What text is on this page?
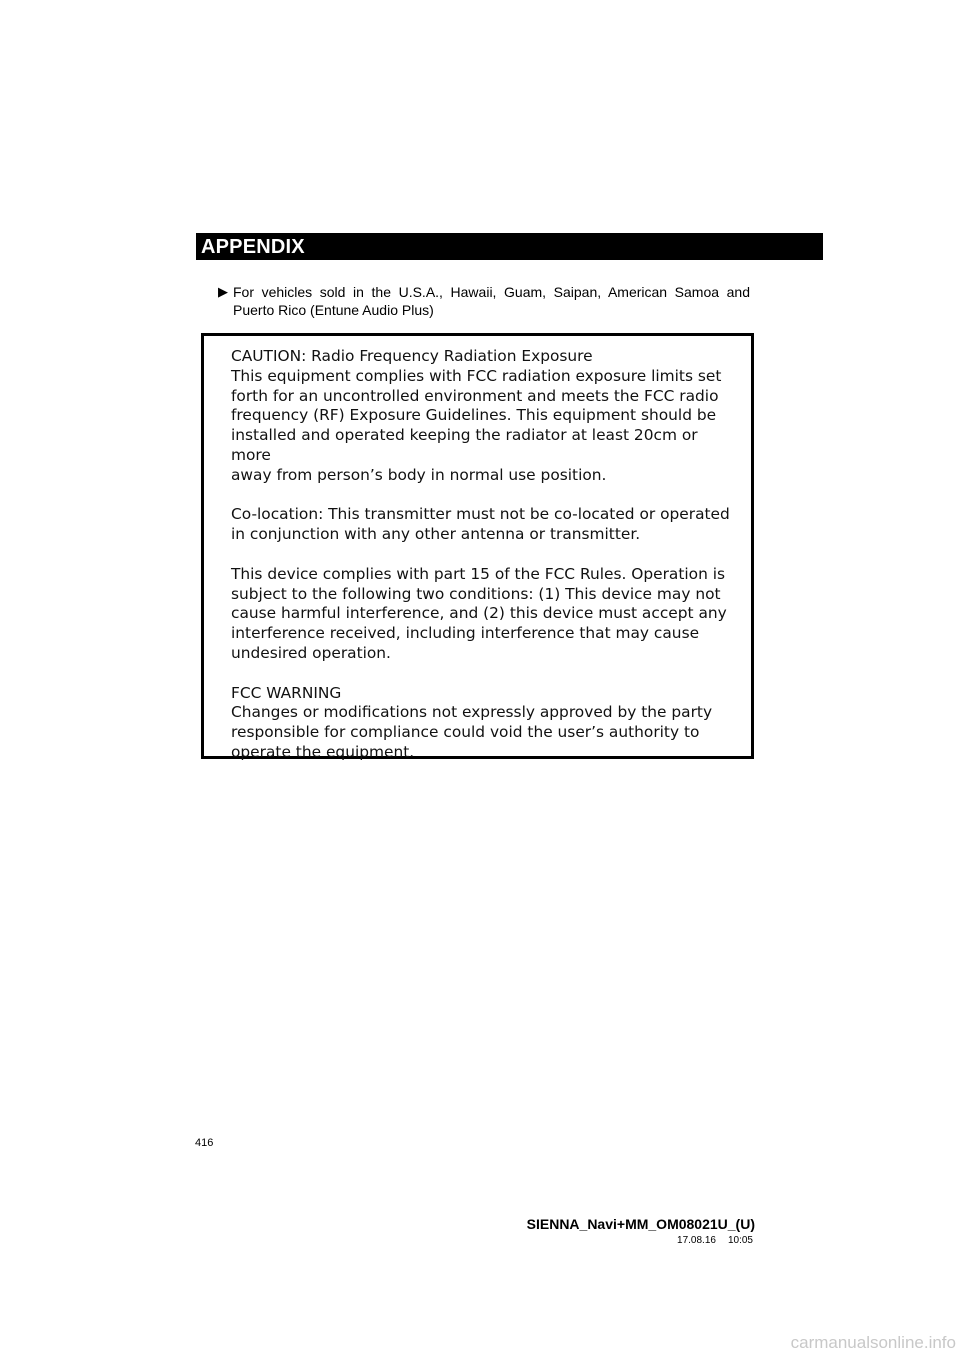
APPENDIX
▶ For vehicles sold in the U.S.A., Hawaii, Guam, Saipan, American Samoa and
Puerto Rico (Entune Audio Plus)

CAUTION: Radio Frequency Radiation Exposure

This equipment complies with FCC radiation exposure limits set

forth for an uncontrolled environment and meets the FCC radio

frequency (RF) Exposure Guidelines. This equipment should be

installed and operated keeping the radiator at least 20cm or more

away from person’s body in normal use position.

Co-location: This transmitter must not be co-located or operated

in conjunction with any other antenna or transmitter.

This device complies with part 15 of the FCC Rules. Operation is

subject to the following two conditions: (1) This device may not

cause harmful interference, and (2) this device must accept any

interference received, including interference that may cause

undesired operation.

FCC WARNING

Changes or modifications not expressly approved by the party

responsible for compliance could void the user’s authority to

operate the equipment.

416
SIENNA_Navi+MM_OM08021U_(U)
17.08.16 10:05
carmanualsonline.info
